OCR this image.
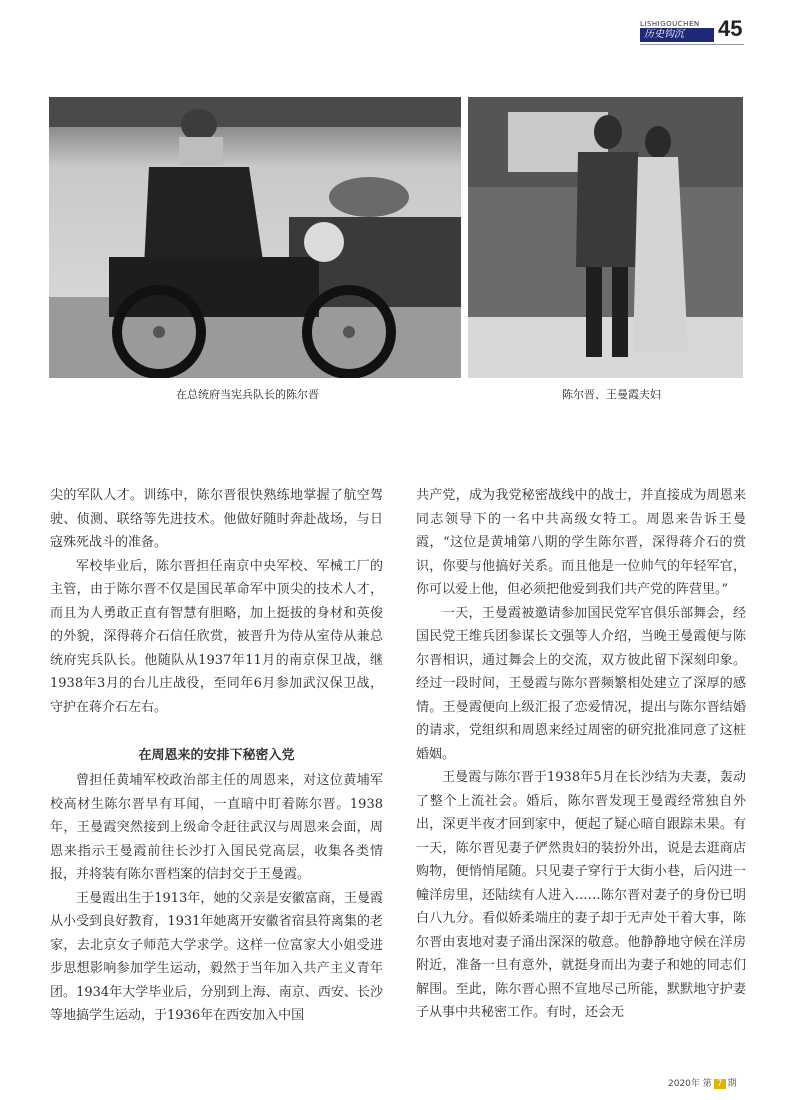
LISHIGOUCHEN
历史钩沉	45
在总统府当宪兵队长的陈尔晋	陈尔晋、王曼霞夫妇

尖的军队人才。训练中，陈尔晋很快熟练地掌握了航空驾驶、侦测、联络等先进技术。他做好随时奔赴战场，与日寇殊死战斗的准备。

军校毕业后，陈尔晋担任南京中央军校、军械工厂的主管，由于陈尔晋不仅是国民革命军中顶尖的技术人才，而且为人勇敢正直有智慧有胆略，加上挺拔的身材和英俊的外貌，深得蒋介石信任欣赏，被晋升为侍从室侍从兼总统府宪兵队长。他随队从1937年11月的南京保卫战，继1938年3月的台儿庄战役，至同年6月参加武汉保卫战，守护在蒋介石左右。

在周恩来的安排下秘密入党

曾担任黄埔军校政治部主任的周恩来，对这位黄埔军校高材生陈尔晋早有耳闻，一直暗中盯着陈尔晋。1938年，王曼霞突然接到上级命令赶往武汉与周恩来会面，周恩来指示王曼霞前往长沙打入国民党高层，收集各类情报，并将装有陈尔晋档案的信封交于王曼霞。

王曼霞出生于1913年，她的父亲是安徽富商，王曼霞从小受到良好教育，1931年她离开安徽省宿县符离集的老家，去北京女子师范大学求学。这样一位富家大小姐受进步思想影响参加学生运动，毅然于当年加入共产主义青年团。1934年大学毕业后，分别到上海、南京、西安、长沙等地搞学生运动，于1936年在西安加入中国

共产党，成为我党秘密战线中的战士，并直接成为周恩来同志领导下的一名中共高级女特工。周恩来告诉王曼霞，“这位是黄埔第八期的学生陈尔晋，深得蒋介石的赏识，你要与他搞好关系。而且他是一位帅气的年轻军官，你可以爱上他，但必须把他爱到我们共产党的阵营里。”

一天，王曼霞被邀请参加国民党军官俱乐部舞会，经国民党王维兵团参谋长文强等人介绍，当晚王曼霞便与陈尔晋相识，通过舞会上的交流，双方彼此留下深刻印象。经过一段时间，王曼霞与陈尔晋频繁相处建立了深厚的感情。王曼霞便向上级汇报了恋爱情况，提出与陈尔晋结婚的请求，党组织和周恩来经过周密的研究批准同意了这桩婚姻。

王曼霞与陈尔晋于1938年5月在长沙结为夫妻，轰动了整个上流社会。婚后，陈尔晋发现王曼霞经常独自外出，深更半夜才回到家中，便起了疑心暗自跟踪未果。有一天，陈尔晋见妻子俨然贵妇的装扮外出，说是去逛商店购物，便悄悄尾随。只见妻子穿行于大街小巷，后闪进一幢洋房里，还陆续有人进入……陈尔晋对妻子的身份已明白八九分。看似娇柔端庄的妻子却于无声处干着大事，陈尔晋由衷地对妻子涌出深深的敬意。他静静地守候在洋房附近，准备一旦有意外，就挺身而出为妻子和她的同志们解围。至此，陈尔晋心照不宣地尽己所能，默默地守护妻子从事中共秘密工作。有时，还会无

2020年 第 7 期
